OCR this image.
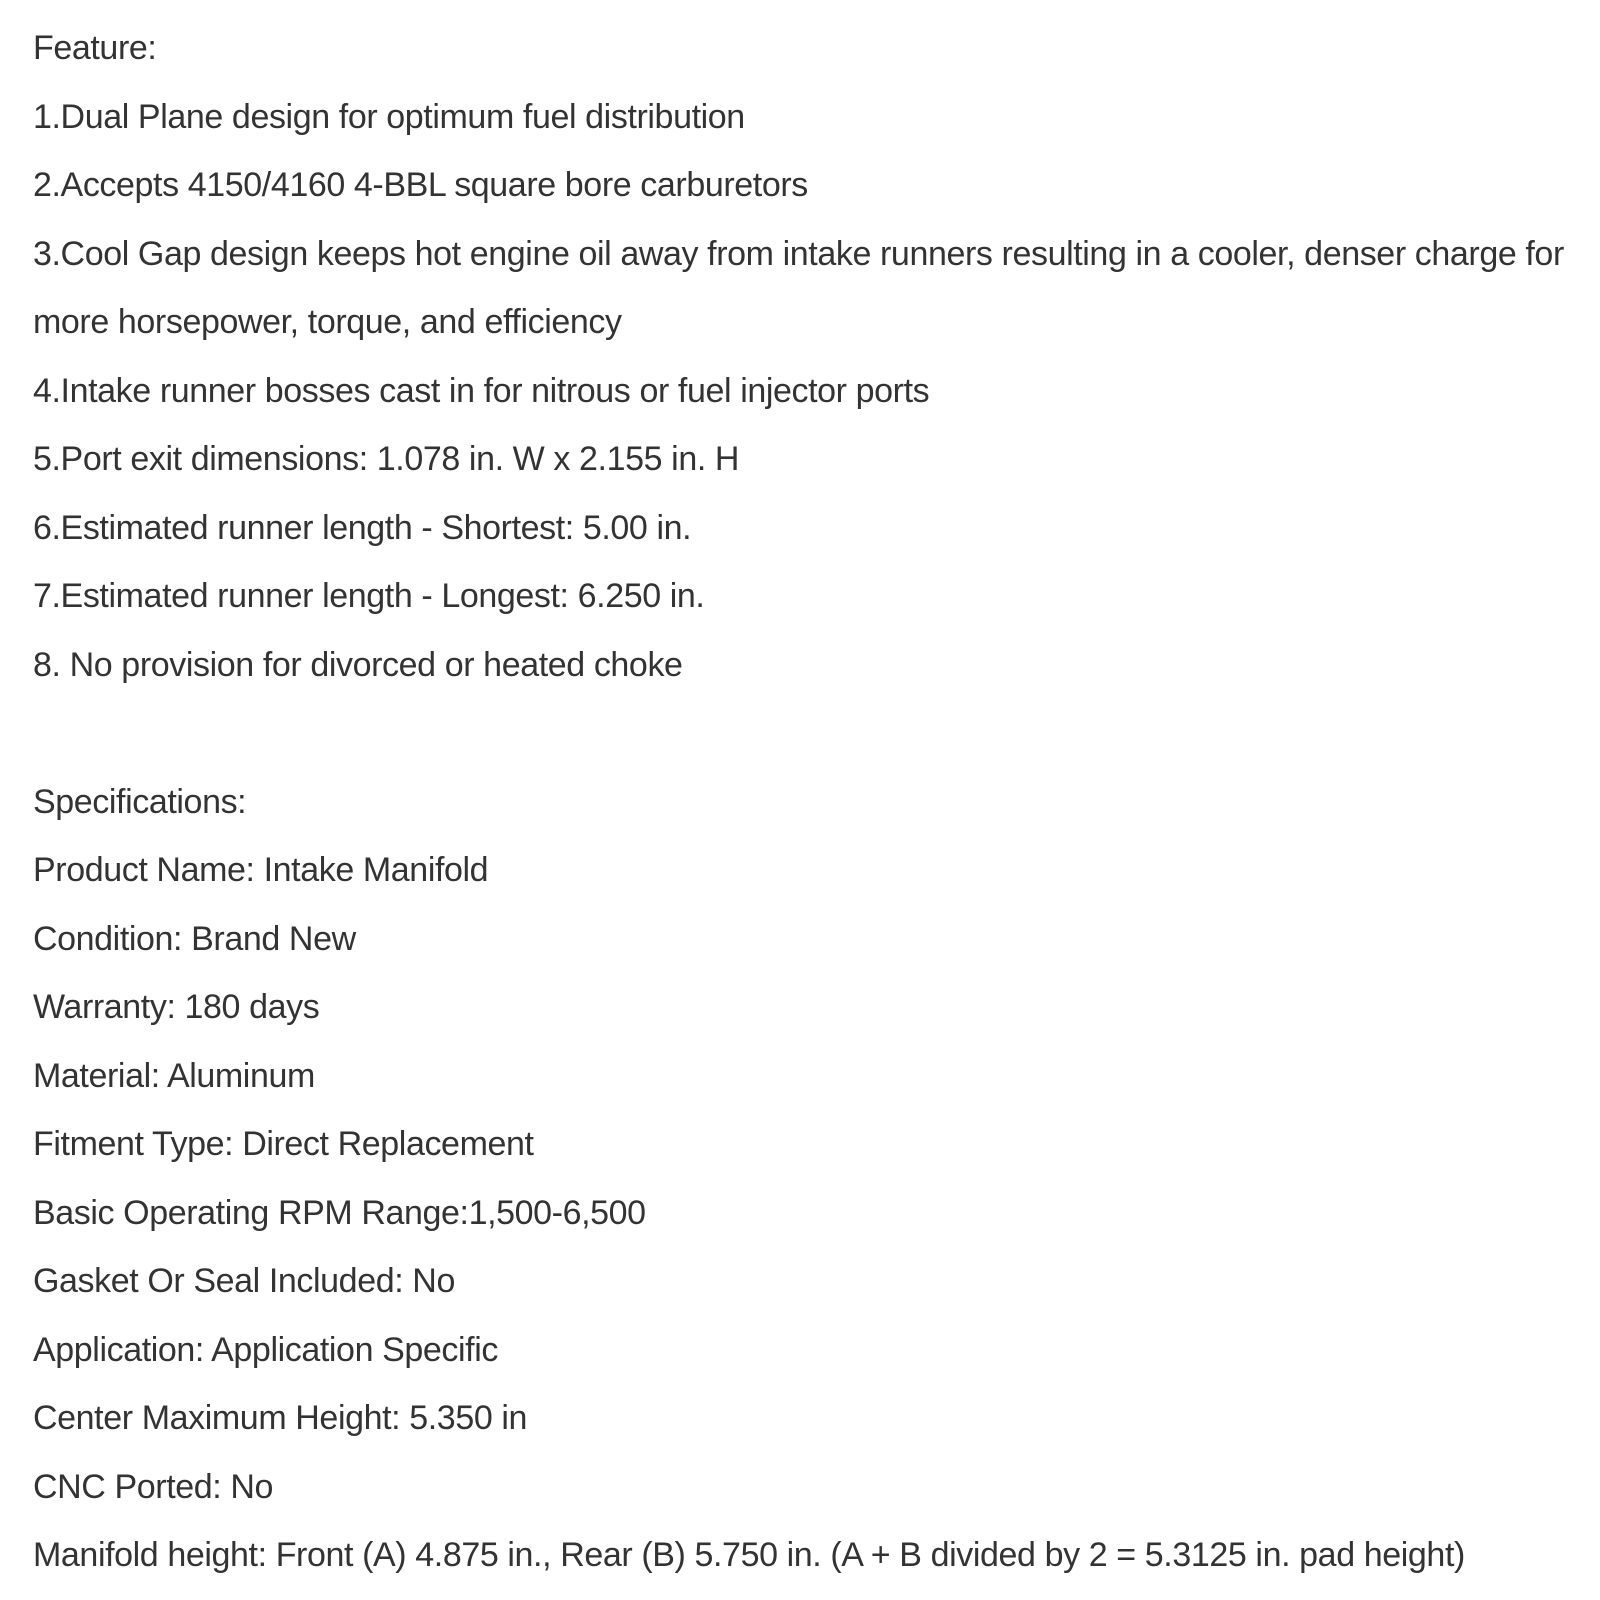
Feature:
1.Dual Plane design for optimum fuel distribution
2.Accepts 4150/4160 4-BBL square bore carburetors
3.Cool Gap design keeps hot engine oil away from intake runners resulting in a cooler, denser charge for more horsepower, torque, and efficiency
4.Intake runner bosses cast in for nitrous or fuel injector ports
5.Port exit dimensions: 1.078 in. W x 2.155 in. H
6.Estimated runner length - Shortest: 5.00 in.
7.Estimated runner length - Longest: 6.250 in.
8. No provision for divorced or heated choke
Specifications:
Product Name: Intake Manifold
Condition: Brand New
Warranty: 180 days
Material: Aluminum
Fitment Type: Direct Replacement
Basic Operating RPM Range:1,500-6,500
Gasket Or Seal Included: No
Application: Application Specific
Center Maximum Height: 5.350 in
CNC Ported: No
Manifold height: Front (A) 4.875 in., Rear (B) 5.750 in. (A + B divided by 2 = 5.3125 in. pad height)
